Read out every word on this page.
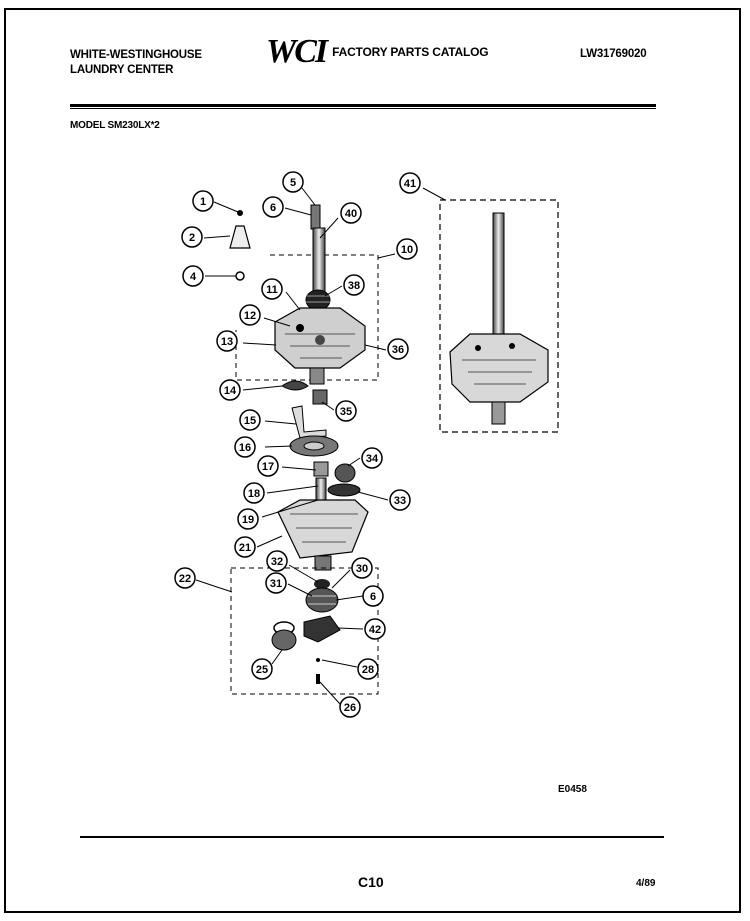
WHITE-WESTINGHOUSE
LAUNDRY CENTER	WCI FACTORY PARTS CATALOG	LW31769020
MODEL SM230LX*2
1
2
4
5
6	40
41
10
11	38
12
13
36
14
35
15
16
34
17
18
33
19
21
22
32
30
31
6
42
25	28
26
E0458
C10	4/89
